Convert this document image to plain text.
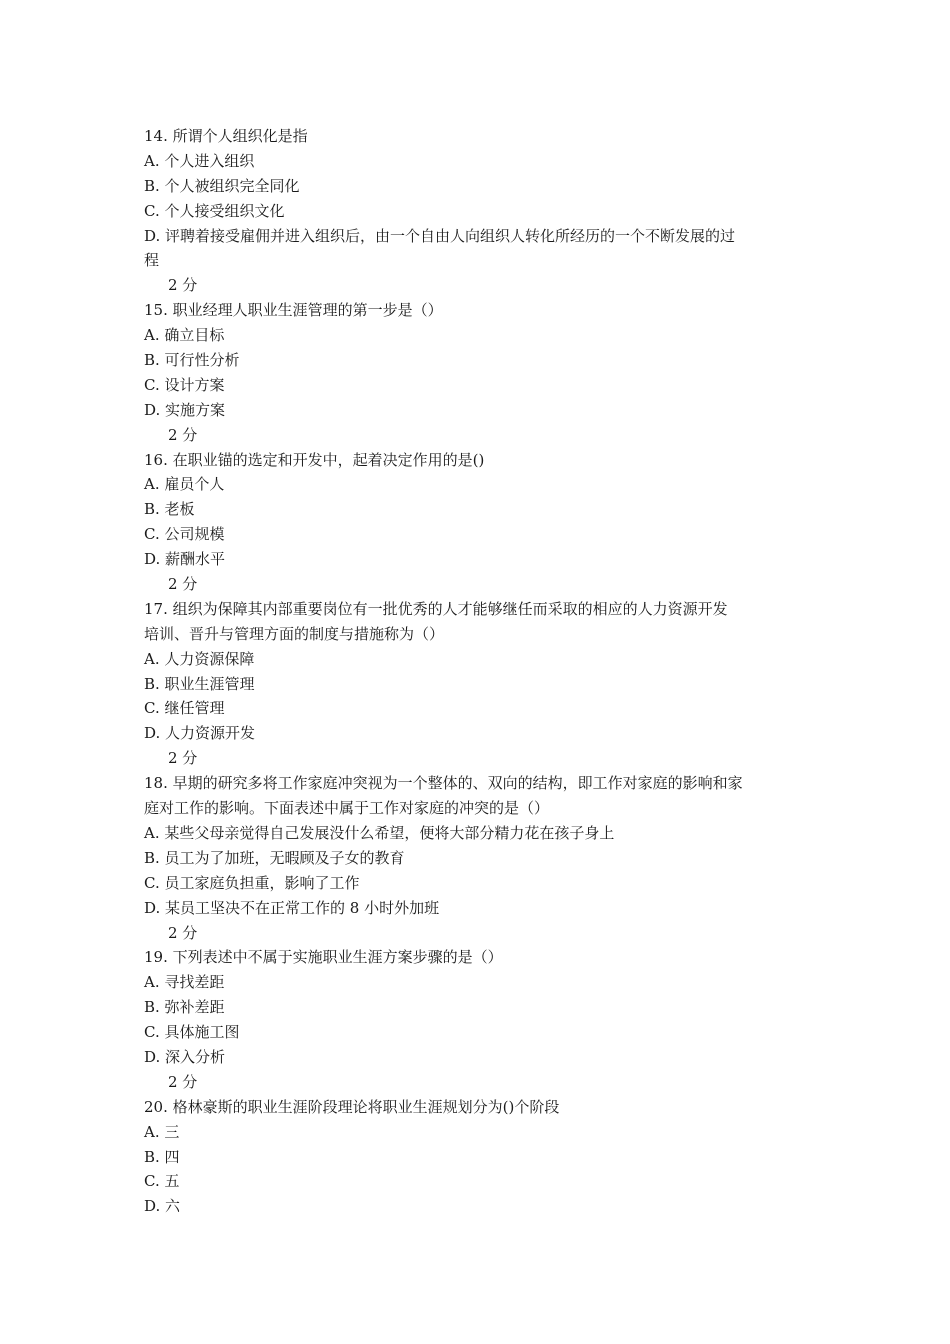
14. 所谓个人组织化是指
A. 个人进入组织
B. 个人被组织完全同化
C. 个人接受组织文化
D. 评聘着接受雇佣并进入组织后，由一个自由人向组织人转化所经历的一个不断发展的过
程
2 分
15. 职业经理人职业生涯管理的第一步是（）
A. 确立目标
B. 可行性分析
C. 设计方案
D. 实施方案
2 分
16. 在职业锚的选定和开发中，起着决定作用的是()
A. 雇员个人
B. 老板
C. 公司规模
D. 薪酬水平
2 分
17. 组织为保障其内部重要岗位有一批优秀的人才能够继任而采取的相应的人力资源开发
培训、晋升与管理方面的制度与措施称为（）
A. 人力资源保障
B. 职业生涯管理
C. 继任管理
D. 人力资源开发
2 分
18. 早期的研究多将工作家庭冲突视为一个整体的、双向的结构，即工作对家庭的影响和家
庭对工作的影响。下面表述中属于工作对家庭的冲突的是（）
A. 某些父母亲觉得自己发展没什么希望，便将大部分精力花在孩子身上
B. 员工为了加班，无暇顾及子女的教育
C. 员工家庭负担重，影响了工作
D. 某员工坚决不在正常工作的 8 小时外加班
2 分
19. 下列表述中不属于实施职业生涯方案步骤的是（）
A. 寻找差距
B. 弥补差距
C. 具体施工图
D. 深入分析
2 分
20. 格林豪斯的职业生涯阶段理论将职业生涯规划分为()个阶段
A. 三
B. 四
C. 五
D. 六
